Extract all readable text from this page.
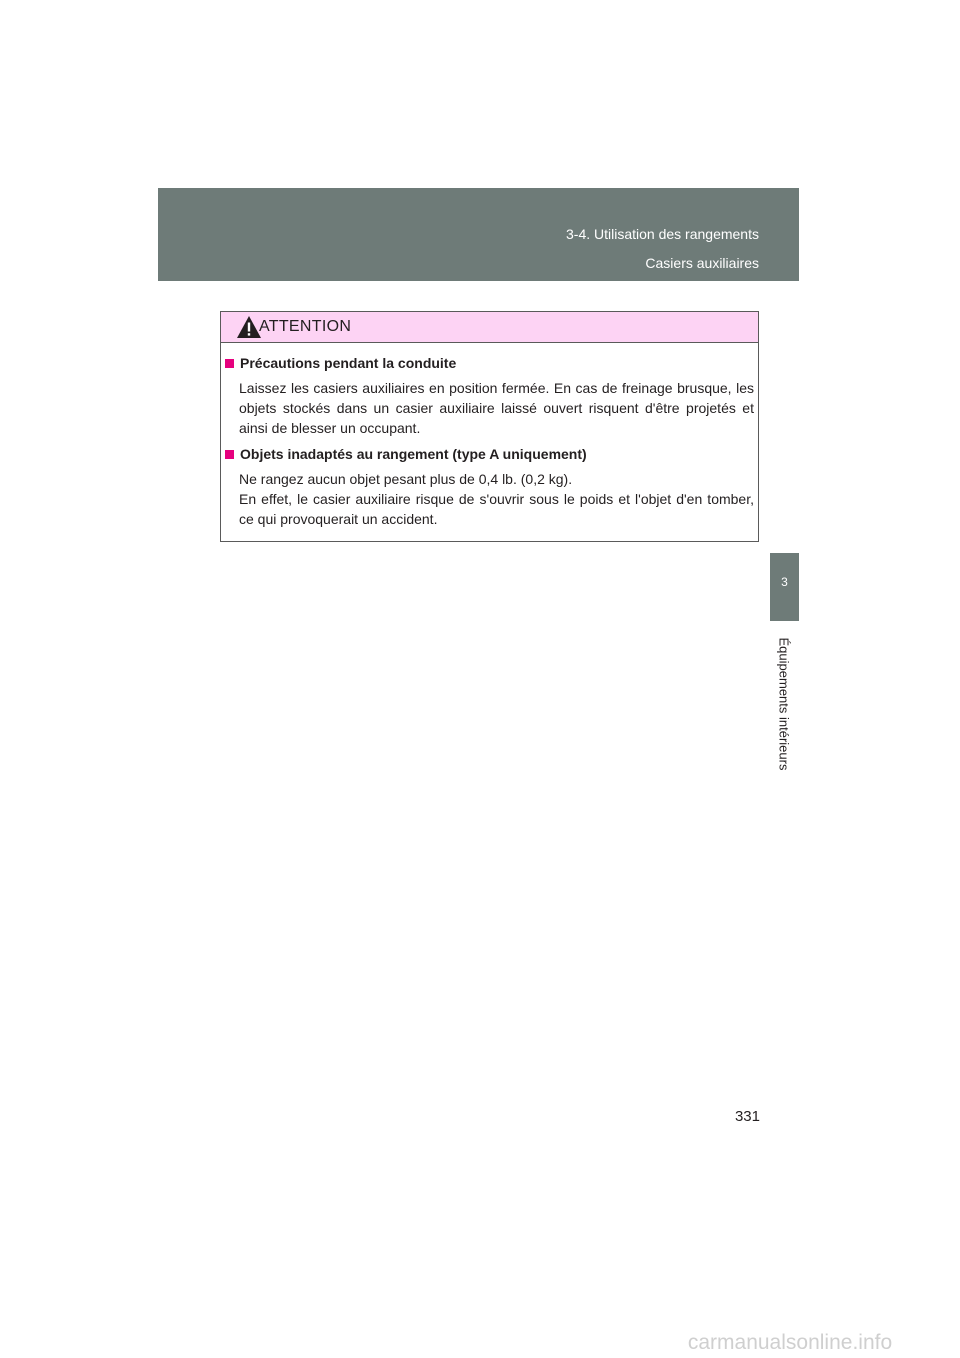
3-4. Utilisation des rangements
Casiers auxiliaires
3
Équipements intérieurs
ATTENTION
Précautions pendant la conduite

Laissez les casiers auxiliaires en position fermée. En cas de freinage brusque, les objets stockés dans un casier auxiliaire laissé ouvert risquent d'être projetés et ainsi de blesser un occupant.

Objets inadaptés au rangement (type A uniquement)

Ne rangez aucun objet pesant plus de 0,4 lb. (0,2 kg).

En effet, le casier auxiliaire risque de s'ouvrir sous le poids et l'objet d'en tomber, ce qui provoquerait un accident.

331
carmanualsonline.info
